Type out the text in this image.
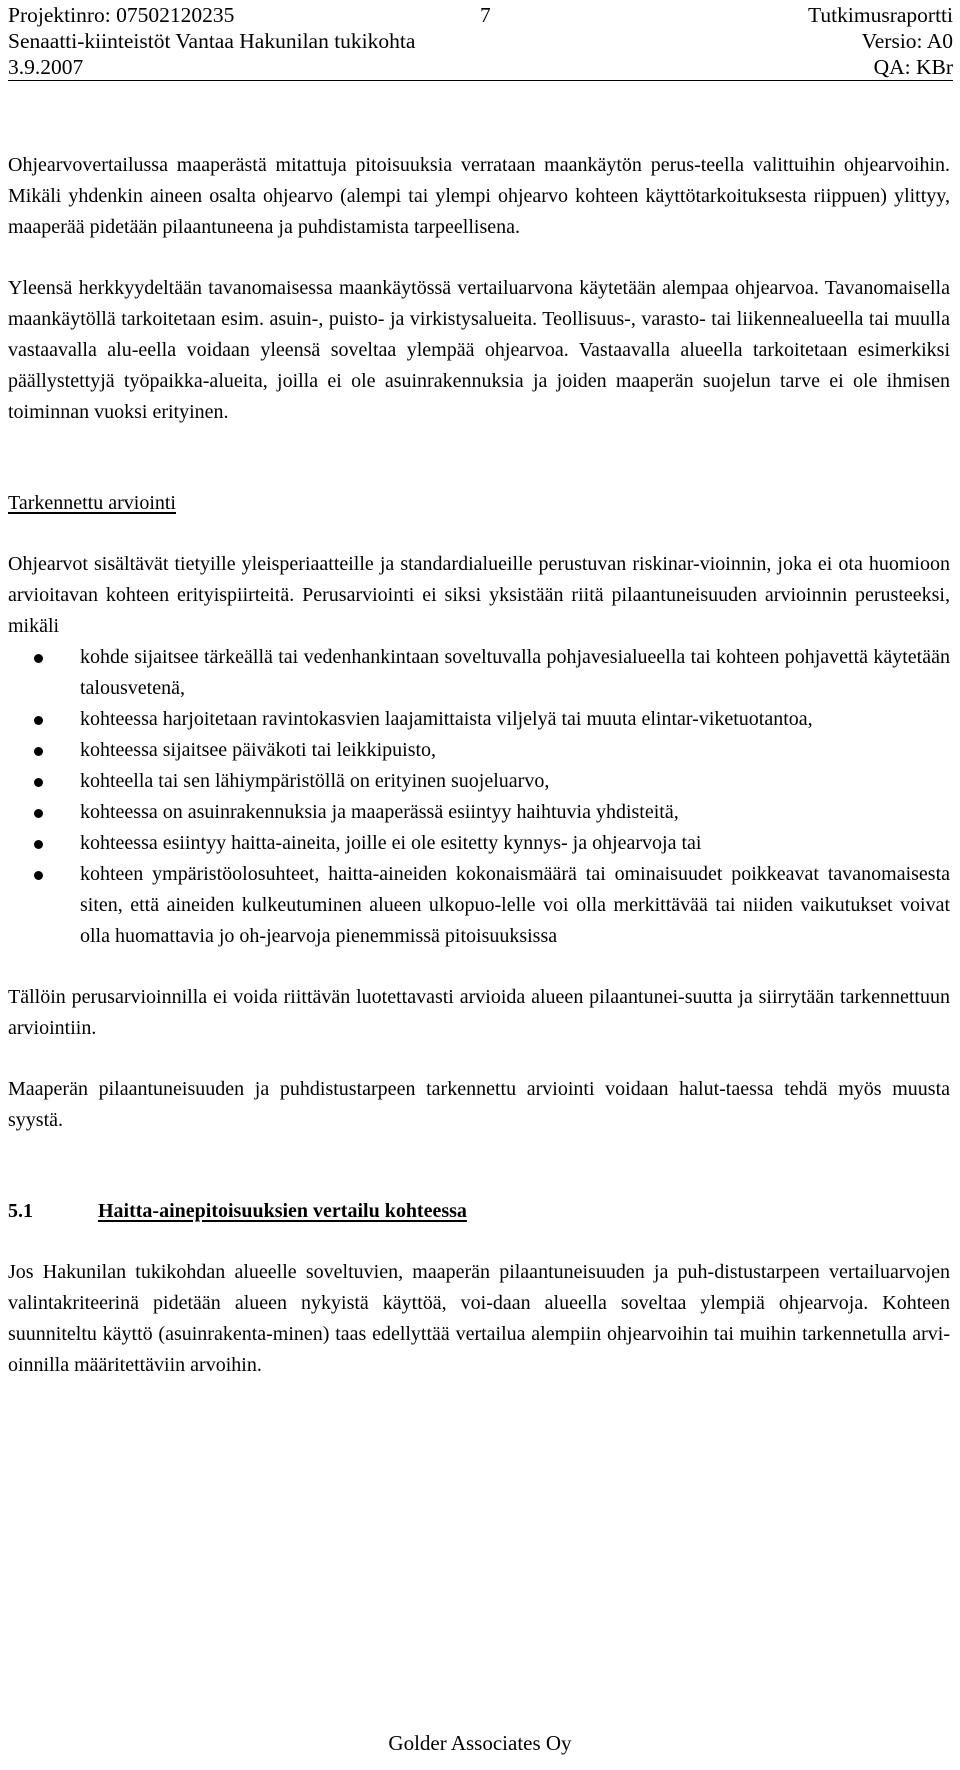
Projektinro: 07502120235	7	Tutkimusraportti
Senaatti-kiinteistöt Vantaa Hakunilan tukikohta	Versio: A0
3.9.2007	QA: KBr

Ohjearvovertailussa maaperästä mitattuja pitoisuuksia verrataan maankäytön perus-teella valittuihin ohjearvoihin. Mikäli yhdenkin aineen osalta ohjearvo (alempi tai ylempi ohjearvo kohteen käyttötarkoituksesta riippuen) ylittyy, maaperää pidetään pilaantuneena ja puhdistamista tarpeellisena.

Yleensä herkkyydeltään tavanomaisessa maankäytössä vertailuarvona käytetään alempaa ohjearvoa. Tavanomaisella maankäytöllä tarkoitetaan esim. asuin-, puisto- ja virkistysalueita. Teollisuus-, varasto- tai liikennealueella tai muulla vastaavalla alu-eella voidaan yleensä soveltaa ylempää ohjearvoa. Vastaavalla alueella tarkoitetaan esimerkiksi päällystettyjä työpaikka-alueita, joilla ei ole asuinrakennuksia ja joiden maaperän suojelun tarve ei ole ihmisen toiminnan vuoksi erityinen.

Tarkennettu arviointi

Ohjearvot sisältävät tietyille yleisperiaatteille ja standardialueille perustuvan riskinar-vioinnin, joka ei ota huomioon arvioitavan kohteen erityispiirteitä. Perusarviointi ei siksi yksistään riitä pilaantuneisuuden arvioinnin perusteeksi, mikäli

kohde sijaitsee tärkeällä tai vedenhankintaan soveltuvalla pohjavesialueella tai kohteen pohjavettä käytetään talousvetenä,
kohteessa harjoitetaan ravintokasvien laajamittaista viljelyä tai muuta elintar-viketuotantoa,
kohteessa sijaitsee päiväkoti tai leikkipuisto,
kohteella tai sen lähiympäristöllä on erityinen suojeluarvo,
kohteessa on asuinrakennuksia ja maaperässä esiintyy haihtuvia yhdisteitä,
kohteessa esiintyy haitta-aineita, joille ei ole esitetty kynnys- ja ohjearvoja tai
kohteen ympäristöolosuhteet, haitta-aineiden kokonaismäärä tai ominaisuudet poikkeavat tavanomaisesta siten, että aineiden kulkeutuminen alueen ulkopuo-lelle voi olla merkittävää tai niiden vaikutukset voivat olla huomattavia jo oh-jearvoja pienemmissä pitoisuuksissa

Tällöin perusarvioinnilla ei voida riittävän luotettavasti arvioida alueen pilaantunei-suutta ja siirrytään tarkennettuun arviointiin.

Maaperän pilaantuneisuuden ja puhdistustarpeen tarkennettu arviointi voidaan halut-taessa tehdä myös muusta syystä.

5.1	Haitta-ainepitoisuuksien vertailu kohteessa

Jos Hakunilan tukikohdan alueelle soveltuvien, maaperän pilaantuneisuuden ja puh-distustarpeen vertailuarvojen valintakriteerinä pidetään alueen nykyistä käyttöä, voi-daan alueella soveltaa ylempiä ohjearvoja. Kohteen suunniteltu käyttö (asuinrakenta-minen) taas edellyttää vertailua alempiin ohjearvoihin tai muihin tarkennetulla arvi-oinnilla määritettäviin arvoihin.

Golder Associates Oy
